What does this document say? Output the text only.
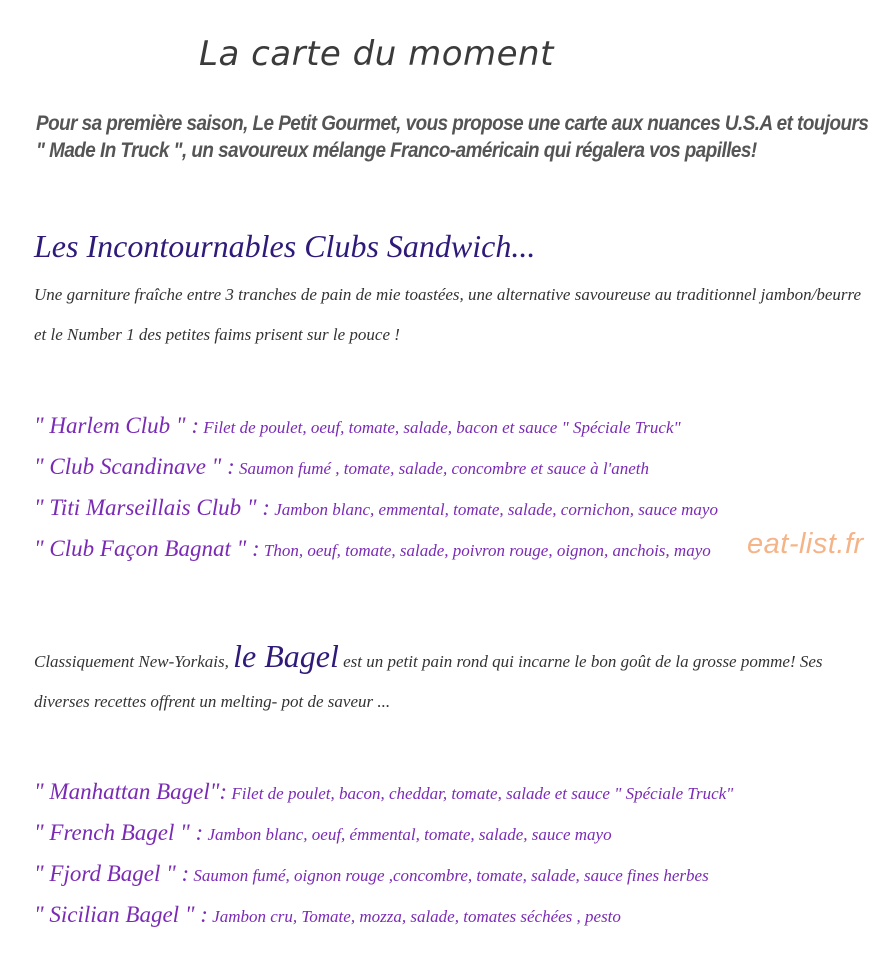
La carte du moment

Pour sa première saison, Le Petit Gourmet, vous propose une carte aux nuances U.S.A et toujours " Made In Truck ", un savoureux mélange Franco-américain qui régalera vos papilles!

Les Incontournables Clubs Sandwich...

Une garniture fraîche entre 3 tranches de pain de mie toastées, une alternative savoureuse au traditionnel jambon/beurre et le Number 1 des petites faims prisent sur le pouce !

" Harlem Club " : Filet de poulet, oeuf, tomate, salade, bacon et sauce " Spéciale Truck"
" Club Scandinave " : Saumon fumé , tomate, salade, concombre et sauce à l'aneth
" Titi Marseillais Club " : Jambon blanc, emmental, tomate, salade, cornichon, sauce mayo
" Club Façon Bagnat " : Thon, oeuf, tomate, salade, poivron rouge, oignon, anchois, mayo eat-list.fr

Classiquement New-Yorkais, le Bagel est un petit pain rond qui incarne le bon goût de la grosse pomme! Ses diverses recettes offrent un melting- pot de saveur ...

" Manhattan Bagel": Filet de poulet, bacon, cheddar, tomate, salade et sauce " Spéciale Truck"
" French Bagel " : Jambon blanc, oeuf, émmental, tomate, salade, sauce mayo
" Fjord Bagel " : Saumon fumé, oignon rouge ,concombre, tomate, salade, sauce fines herbes
" Sicilian Bagel " : Jambon cru, Tomate, mozza, salade, tomates séchées , pesto
